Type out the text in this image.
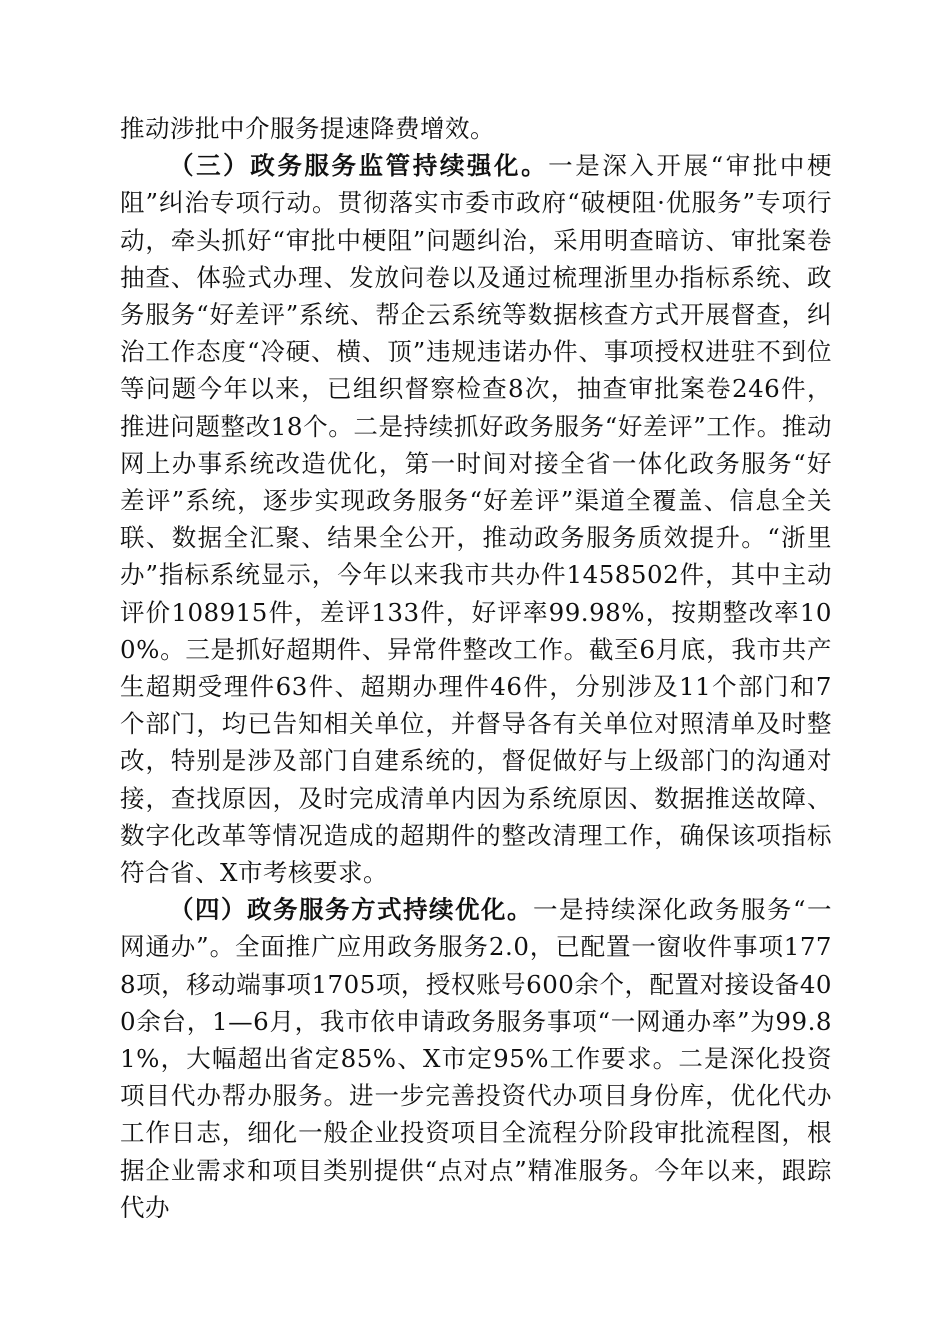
推动涉批中介服务提速降费增效。

（三）政务服务监管持续强化。一是深入开展“审批中梗阻”纠治专项行动。贯彻落实市委市政府“破梗阻·优服务”专项行动，牵头抓好“审批中梗阻”问题纠治，采用明查暗访、审批案卷抽查、体验式办理、发放问卷以及通过梳理浙里办指标系统、政务服务“好差评”系统、帮企云系统等数据核查方式开展督查，纠治工作态度“冷硬、横、顶”违规违诺办件、事项授权进驻不到位等问题今年以来，已组织督察检查8次，抽查审批案卷246件，推进问题整改18个。二是持续抓好政务服务“好差评”工作。推动网上办事系统改造优化，第一时间对接全省一体化政务服务“好差评”系统，逐步实现政务服务“好差评”渠道全覆盖、信息全关联、数据全汇聚、结果全公开，推动政务服务质效提升。“浙里办”指标系统显示，今年以来我市共办件1458502件，其中主动评价108915件，差评133件，好评率99.98%，按期整改率100%。三是抓好超期件、异常件整改工作。截至6月底，我市共产生超期受理件63件、超期办理件46件，分别涉及11个部门和7个部门，均已告知相关单位，并督导各有关单位对照清单及时整改，特别是涉及部门自建系统的，督促做好与上级部门的沟通对接，查找原因，及时完成清单内因为系统原因、数据推送故障、数字化改革等情况造成的超期件的整改清理工作，确保该项指标符合省、X市考核要求。

（四）政务服务方式持续优化。一是持续深化政务服务“一网通办”。全面推广应用政务服务2.0，已配置一窗收件事项1778项，移动端事项1705项，授权账号600余个，配置对接设备400余台，1—6月，我市依申请政务服务事项“一网通办率”为99.81%，大幅超出省定85%、X市定95%工作要求。二是深化投资项目代办帮办服务。进一步完善投资代办项目身份库，优化代办工作日志，细化一般企业投资项目全流程分阶段审批流程图，根据企业需求和项目类别提供“点对点”精准服务。今年以来，跟踪代办
